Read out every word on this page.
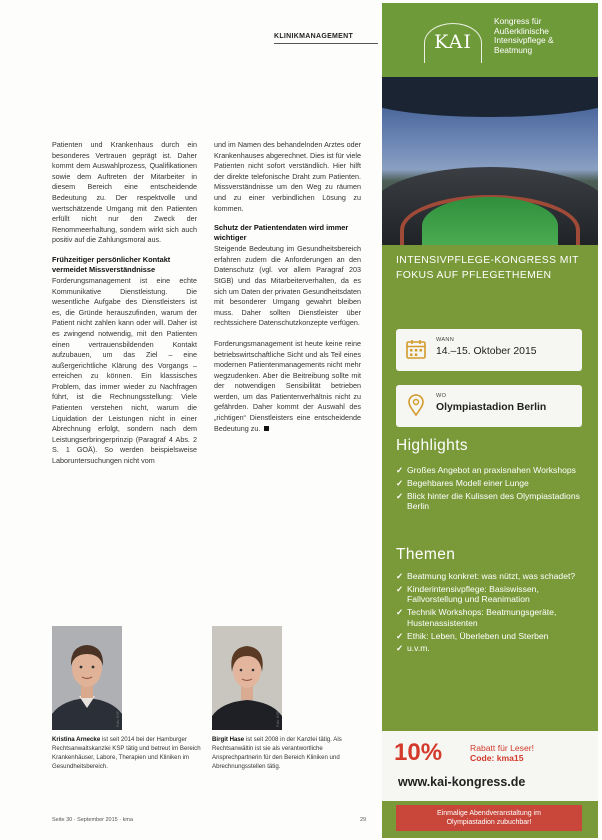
KLINIKMANAGEMENT

Patienten und Krankenhaus durch ein besonderes Vertrauen geprägt ist. Daher kommt dem Auswahlprozess, Qualifikationen sowie dem Auftreten der Mitarbeiter in diesem Bereich eine entscheidende Bedeutung zu. Der respektvolle und wertschätzende Umgang mit den Patienten erfüllt nicht nur den Zweck der Renommeerhaltung, sondern wirkt sich auch positiv auf die Zahlungsmoral aus.

Frühzeitiger persönlicher Kontakt vermeidet Missverständnisse

Forderungsmanagement ist eine echte Kommunikative Dienstleistung. Die wesentliche Aufgabe des Dienstleisters ist es, die Gründe herauszufinden, warum der Patient nicht zahlen kann oder will. Daher ist es zwingend notwendig, mit den Patienten einen vertrauensbildenden Kontakt aufzubauen, um das Ziel – eine außergerichtliche Klärung des Vorgangs – erreichen zu können. Ein klassisches Problem, das immer wieder zu Nachfragen führt, ist die Rechnungsstellung: Viele Patienten verstehen nicht, warum die Liquidation der Leistungen nicht in einer Abrechnung erfolgt, sondern nach dem Leistungserbringerprinzip (Paragraf 4 Abs. 2 S. 1 GOÄ). So werden beispielsweise Laboruntersuchungen nicht vom

und im Namen des behandelnden Arztes oder Krankenhauses abgerechnet. Dies ist für viele Patienten nicht sofort verständlich. Hier hilft der direkte telefonische Draht zum Patienten. Missverständnisse um den Weg zu räumen und zu einer verbindlichen Lösung zu kommen.

Schutz der Patientendaten wird immer wichtiger

Steigende Bedeutung im Gesundheitsbereich erfahren zudem die Anforderungen an den Datenschutz (vgl. vor allem Paragraf 203 StGB) und das Mitarbeiterverhalten, da es sich um Daten der privaten Gesundheitsdaten mit besonderer Umgang gewahrt bleiben muss. Daher sollten Dienstleister über rechtssichere Datenschutzkonzepte verfügen.

Forderungsmanagement ist heute keine reine betriebswirtschaftliche Sicht und als Teil eines modernen Patientenmanagements nicht mehr wegzudenken. Aber die Beitreibung sollte mit der notwendigen Sensibilität betrieben werden, um das Patientenverhältnis nicht zu gefährden. Daher kommt der Auswahl des „richtigen“ Dienstleisters eine entscheidende Bedeutung zu.

Foto: KSP
Kristina Arnecke ist seit 2014 bei der Hamburger Rechtsanwaltskanzlei KSP tätig und betreut im Bereich Krankenhäuser, Labore, Therapien und Kliniken im Gesundheitsbereich.
Foto: KSP
Birgit Hase ist seit 2008 in der Kanzlei tätig. Als Rechtsanwältin ist sie als verantwortliche Ansprechpartnerin für den Bereich Kliniken und Abrechnungsstellen tätig.
Seite 30 · September 2015 · kma	29
KAI
Kongress für Außerklinische Intensivpflege & Beatmung
INTENSIVPFLEGE-KONGRESS MIT
FOKUS AUF PFLEGETHEMEN
WANN
14.–15. Oktober 2015
WO
Olympiastadion Berlin
Highlights
✓ Großes Angebot an praxisnahen Workshops
✓ Begehbares Modell einer Lunge
✓ Blick hinter die Kulissen des Olympiastadions Berlin
Themen
✓ Beatmung konkret: was nützt, was schadet?
✓ Kinderintensivpflege: Basiswissen, Fallvorstellung und Reanimation
✓ Technik Workshops: Beatmungsgeräte, Hustenassistenten
✓ Ethik: Leben, Überleben und Sterben
✓ u.v.m.
10%	Rabatt für Leser!
Code: kma15
www.kai-kongress.de
Einmalige Abendveranstaltung im
Olympiastadion zubuchbar!
